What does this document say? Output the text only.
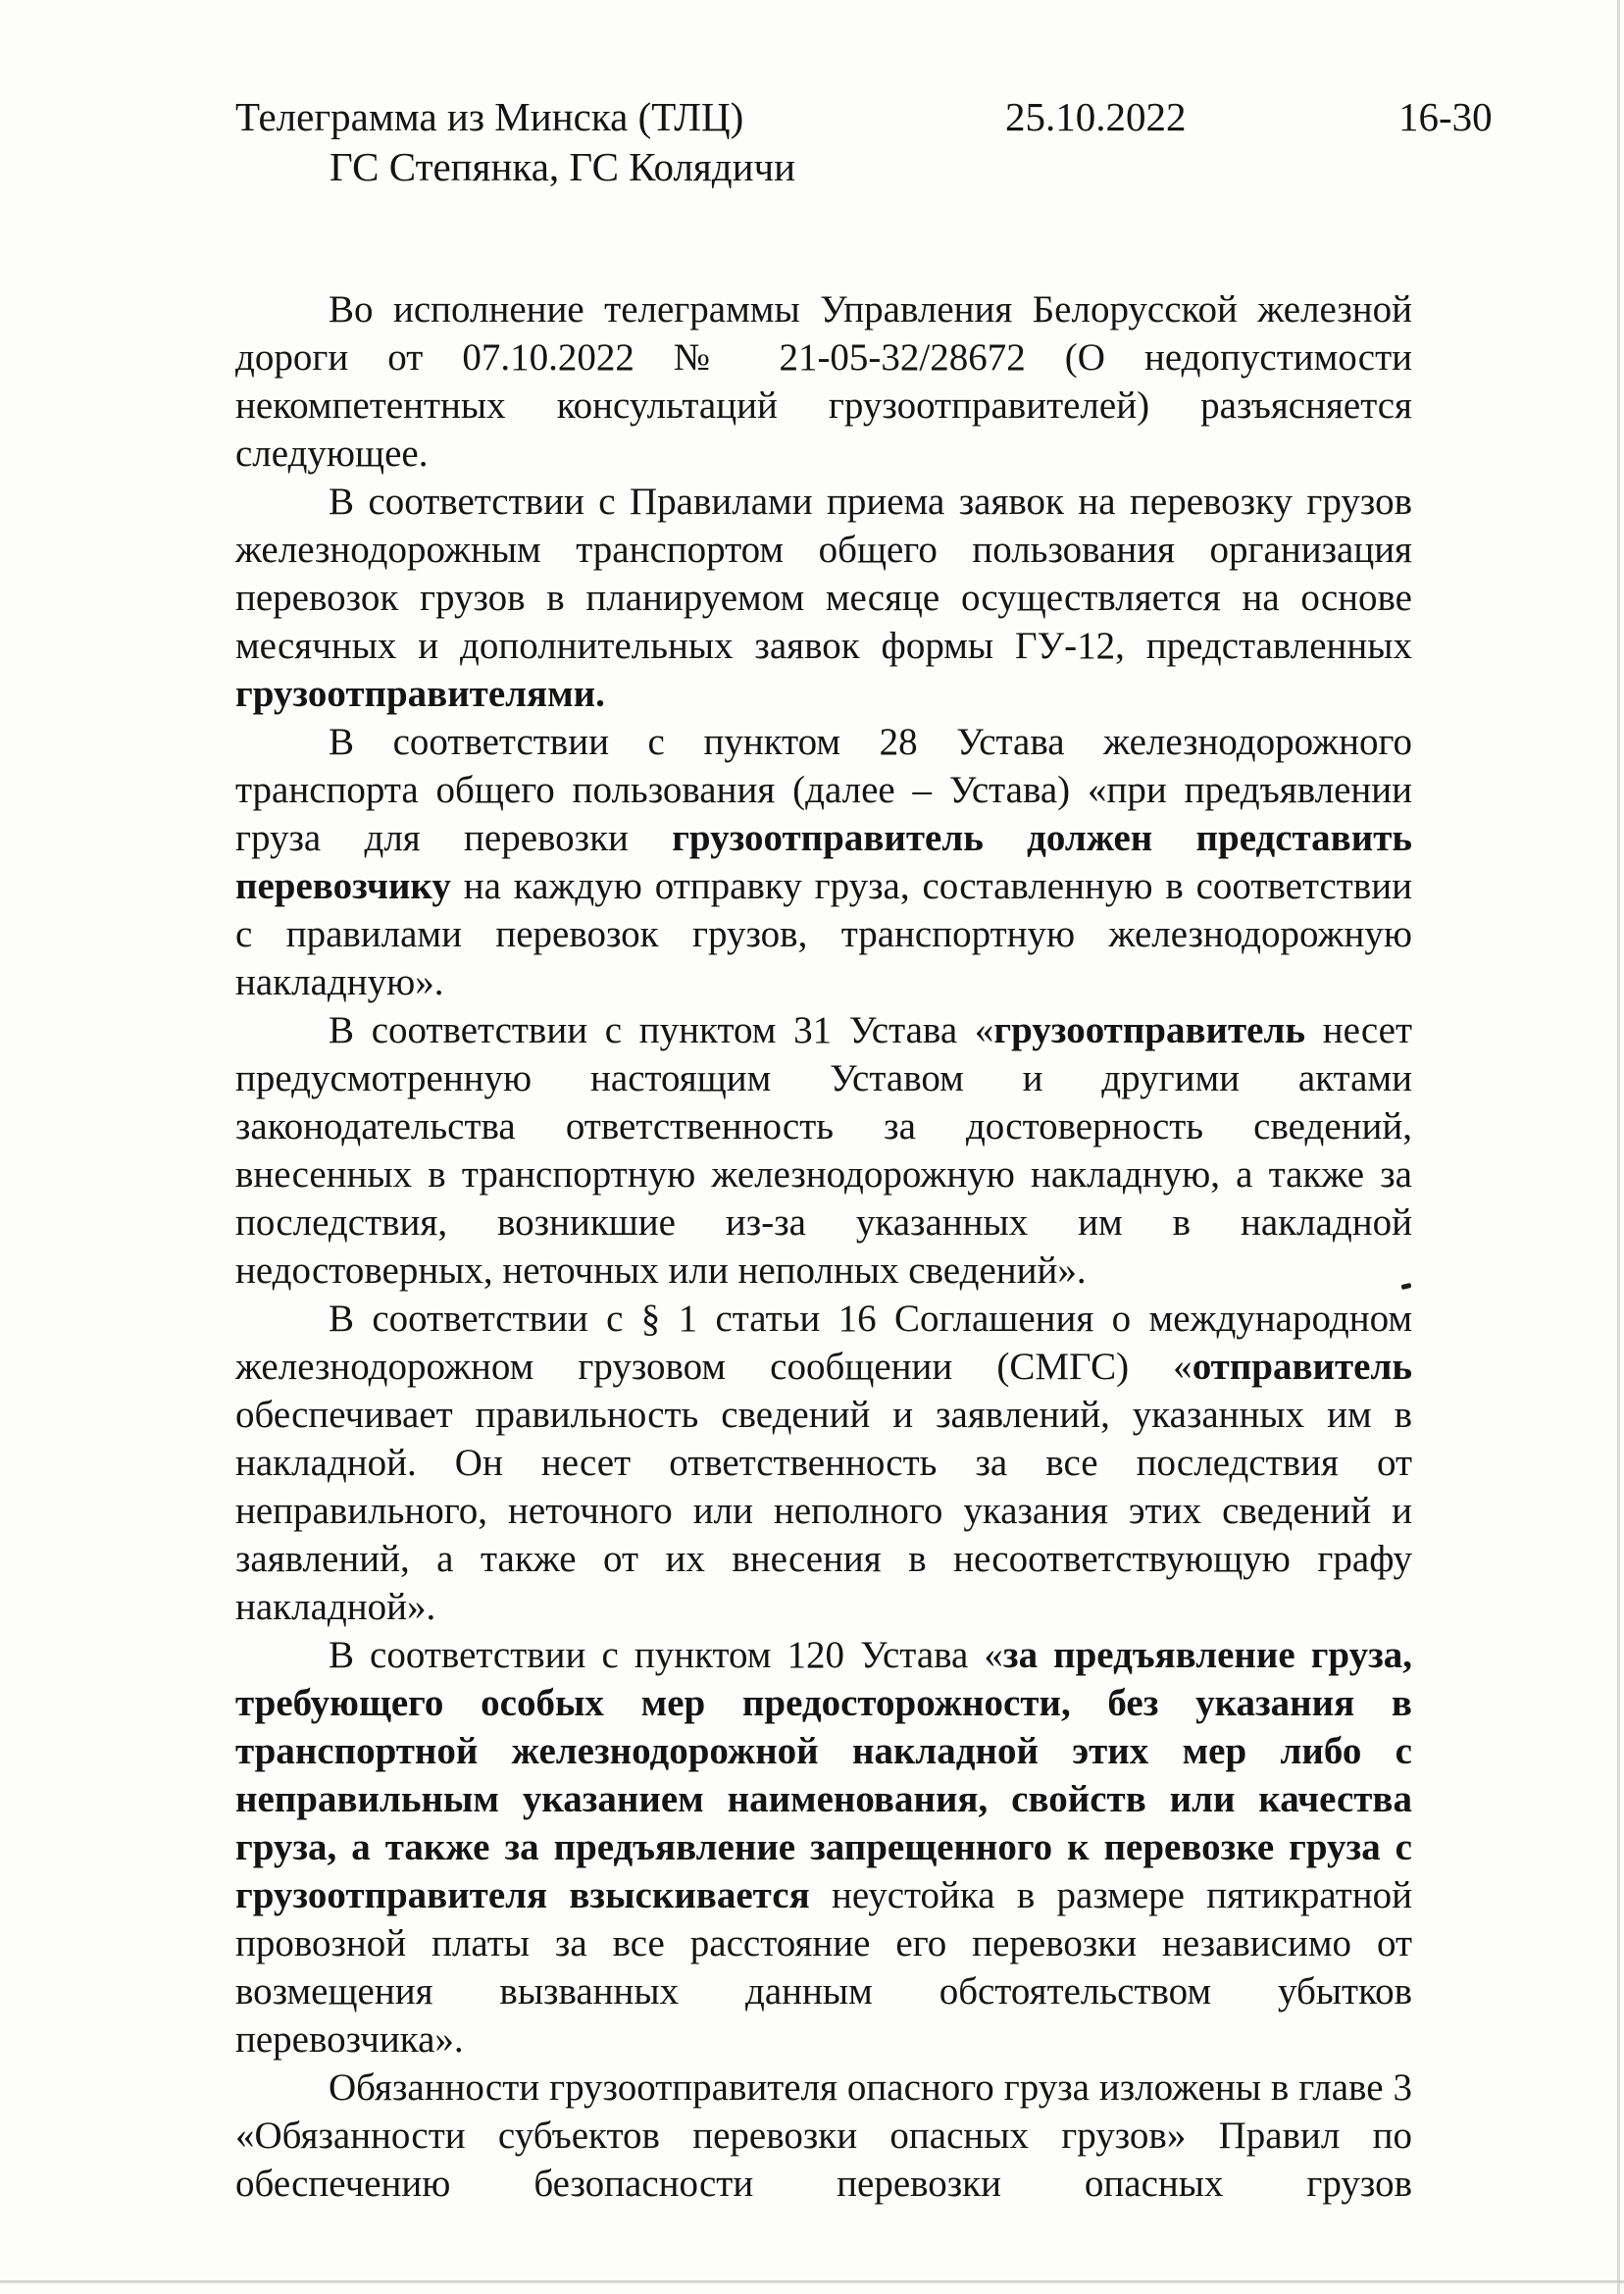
Телеграмма из Минска (ТЛЦ)	25.10.2022	16-30
ГС Степянка, ГС Колядичи

Во исполнение телеграммы Управления Белорусской железной дороги от 07.10.2022 № 21-05-32/28672 (О недопустимости некомпетентных консультаций грузоотправителей) разъясняется следующее.

В соответствии с Правилами приема заявок на перевозку грузов железнодорожным транспортом общего пользования организация перевозок грузов в планируемом месяце осуществляется на основе месячных и дополнительных заявок формы ГУ-12, представленных грузоотправителями.

В соответствии с пунктом 28 Устава железнодорожного транспорта общего пользования (далее – Устава) «при предъявлении груза для перевозки грузоотправитель должен представить перевозчику на каждую отправку груза, составленную в соответствии с правилами перевозок грузов, транспортную железнодорожную накладную».

В соответствии с пунктом 31 Устава «грузоотправитель несет предусмотренную настоящим Уставом и другими актами законодательства ответственность за достоверность сведений, внесенных в транспортную железнодорожную накладную, а также за последствия, возникшие из-за указанных им в накладной недостоверных, неточных или неполных сведений».

В соответствии с § 1 статьи 16 Соглашения о международном железнодорожном грузовом сообщении (СМГС) «отправитель обеспечивает правильность сведений и заявлений, указанных им в накладной. Он несет ответственность за все последствия от неправильного, неточного или неполного указания этих сведений и заявлений, а также от их внесения в несоответствующую графу накладной».

В соответствии с пунктом 120 Устава «за предъявление груза, требующего особых мер предосторожности, без указания в транспортной железнодорожной накладной этих мер либо с неправильным указанием наименования, свойств или качества груза, а также за предъявление запрещенного к перевозке груза с грузоотправителя взыскивается неустойка в размере пятикратной провозной платы за все расстояние его перевозки независимо от возмещения вызванных данным обстоятельством убытков перевозчика».

Обязанности грузоотправителя опасного груза изложены в главе 3 «Обязанности субъектов перевозки опасных грузов» Правил по обеспечению безопасности перевозки опасных грузов
